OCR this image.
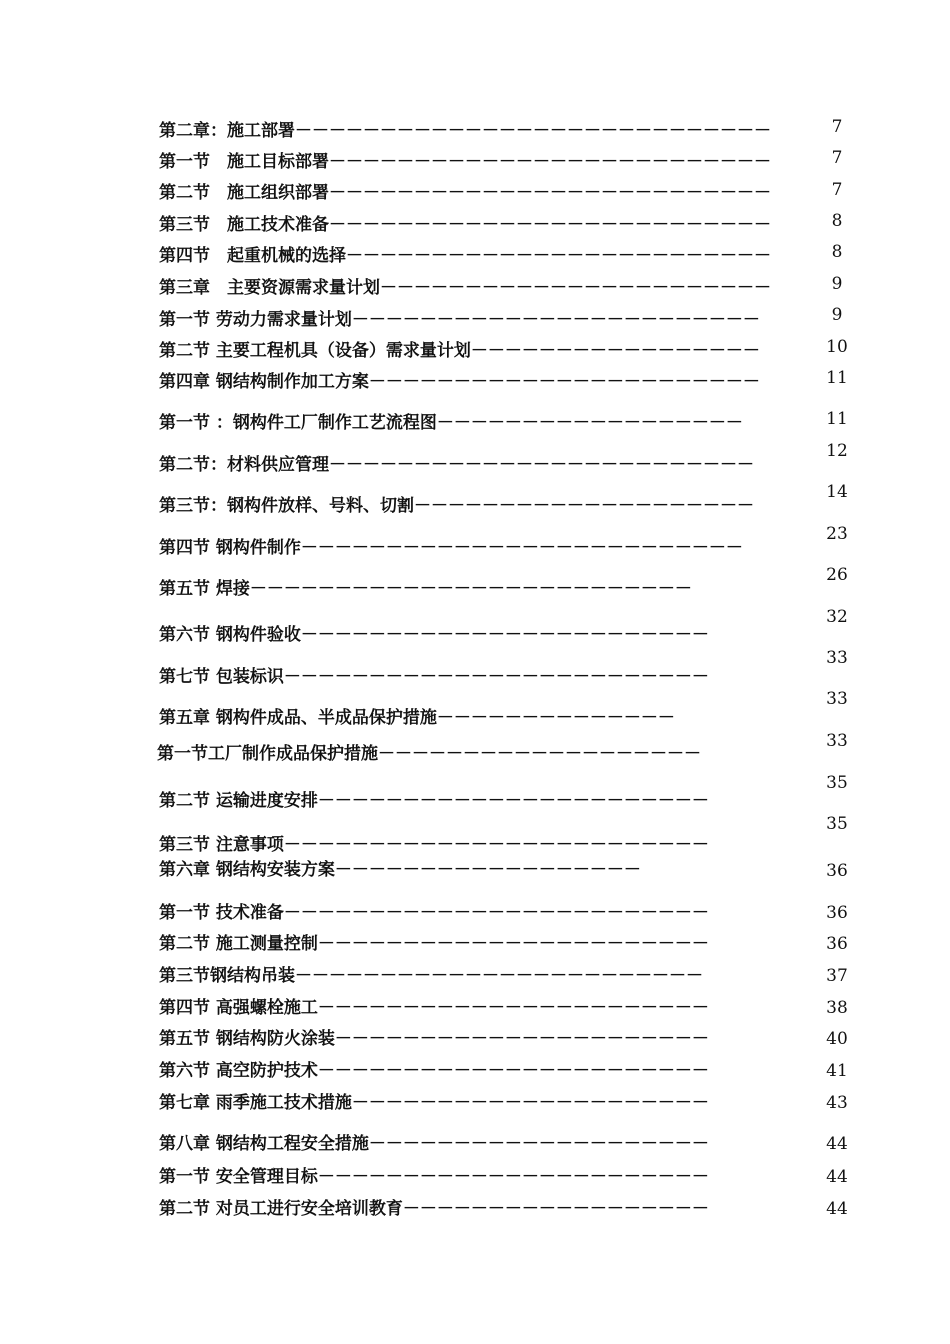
第二章：施工部署－－－－－－－－－－－－－－－－－－－－－－－－－－－－
第一节　施工目标部署－－－－－－－－－－－－－－－－－－－－－－－－－－
第二节　施工组织部署－－－－－－－－－－－－－－－－－－－－－－－－－－
第三节　施工技术准备－－－－－－－－－－－－－－－－－－－－－－－－－－
第四节　起重机械的选择－－－－－－－－－－－－－－－－－－－－－－－－－
第三章　主要资源需求量计划－－－－－－－－－－－－－－－－－－－－－－－
第一节 劳动力需求量计划－－－－－－－－－－－－－－－－－－－－－－－－
第二节 主要工程机具（设备）需求量计划－－－－－－－－－－－－－－－－－
第四章 钢结构制作加工方案－－－－－－－－－－－－－－－－－－－－－－－
第一节 ：钢构件工厂制作工艺流程图－－－－－－－－－－－－－－－－－－
第二节：材料供应管理－－－－－－－－－－－－－－－－－－－－－－－－－
第三节：钢构件放样、号料、切割－－－－－－－－－－－－－－－－－－－－
第四节 钢构件制作－－－－－－－－－－－－－－－－－－－－－－－－－－
第五节 焊接－－－－－－－－－－－－－－－－－－－－－－－－－－
第六节 钢构件验收－－－－－－－－－－－－－－－－－－－－－－－－
第七节 包装标识－－－－－－－－－－－－－－－－－－－－－－－－－
第五章 钢构件成品、半成品保护措施－－－－－－－－－－－－－－
第一节工厂制作成品保护措施－－－－－－－－－－－－－－－－－－－
第二节 运输进度安排－－－－－－－－－－－－－－－－－－－－－－－
第三节 注意事项－－－－－－－－－－－－－－－－－－－－－－－－－
第六章 钢结构安装方案－－－－－－－－－－－－－－－－－－
第一节 技术准备－－－－－－－－－－－－－－－－－－－－－－－－－
第二节 施工测量控制－－－－－－－－－－－－－－－－－－－－－－－
第三节钢结构吊装－－－－－－－－－－－－－－－－－－－－－－－－
第四节 高强螺栓施工－－－－－－－－－－－－－－－－－－－－－－－
第五节 钢结构防火涂装－－－－－－－－－－－－－－－－－－－－－－
第六节 高空防护技术－－－－－－－－－－－－－－－－－－－－－－－
第七章 雨季施工技术措施－－－－－－－－－－－－－－－－－－－－－
第八章 钢结构工程安全措施－－－－－－－－－－－－－－－－－－－－
第一节 安全管理目标－－－－－－－－－－－－－－－－－－－－－－－
第二节 对员工进行安全培训教育－－－－－－－－－－－－－－－－－－
7
7
7
8
8
9
9
10
11
11
12
14
23
26
32
33
33
33
35
35
36
36
36
37
38
40
41
43
44
44
44
